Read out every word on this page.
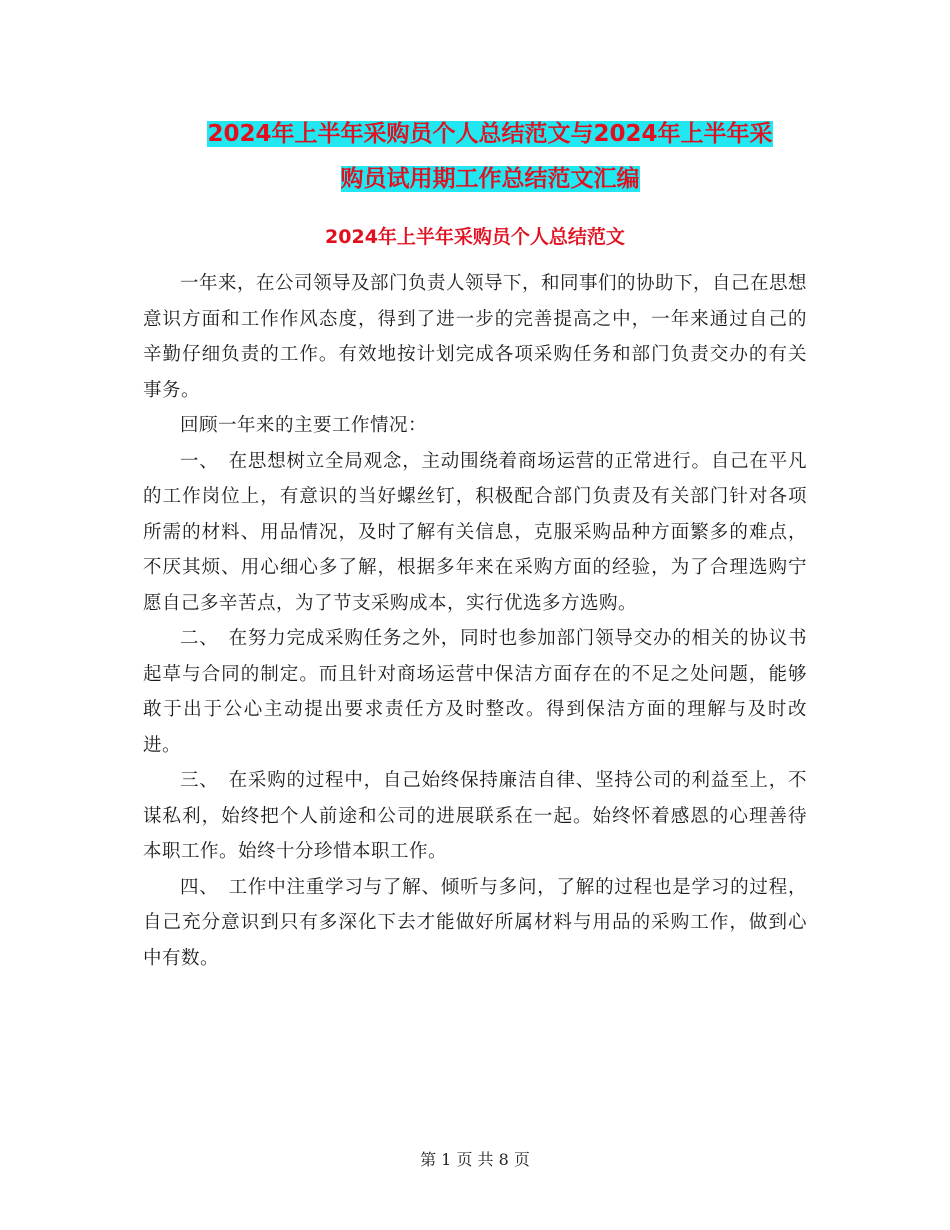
2024年上半年采购员个人总结范文与2024年上半年采
购员试用期工作总结范文汇编
2024年上半年采购员个人总结范文

一年来，在公司领导及部门负责人领导下，和同事们的协助下，自己在思想意识方面和工作作风态度，得到了进一步的完善提高之中，一年来通过自己的辛勤仔细负责的工作。有效地按计划完成各项采购任务和部门负责交办的有关事务。

回顾一年来的主要工作情况：

一、　在思想树立全局观念，主动围绕着商场运营的正常进行。自己在平凡的工作岗位上，有意识的当好螺丝钉，积极配合部门负责及有关部门针对各项所需的材料、用品情况，及时了解有关信息，克服采购品种方面繁多的难点，不厌其烦、用心细心多了解，根据多年来在采购方面的经验，为了合理选购宁愿自己多辛苦点，为了节支采购成本，实行优选多方选购。

二、　在努力完成采购任务之外，同时也参加部门领导交办的相关的协议书起草与合同的制定。而且针对商场运营中保洁方面存在的不足之处问题，能够敢于出于公心主动提出要求责任方及时整改。得到保洁方面的理解与及时改进。

三、　在采购的过程中，自己始终保持廉洁自律、坚持公司的利益至上，不谋私利，始终把个人前途和公司的进展联系在一起。始终怀着感恩的心理善待本职工作。始终十分珍惜本职工作。

四、　工作中注重学习与了解、倾听与多问，了解的过程也是学习的过程，自己充分意识到只有多深化下去才能做好所属材料与用品的采购工作，做到心中有数。

第 1 页 共 8 页
